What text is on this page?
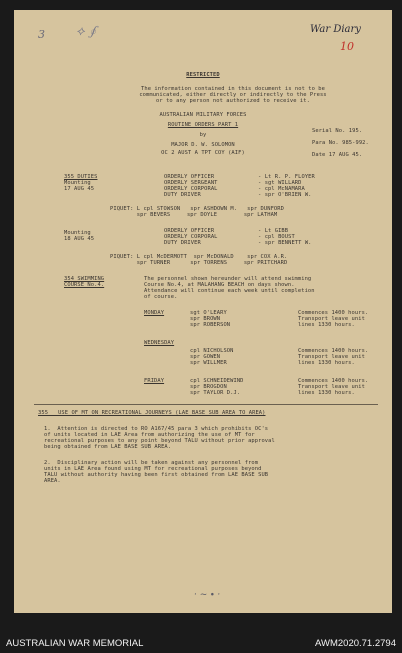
3 ⟡ ∮	War Diary
10
RESTRICTED
The information contained in this document is not to be
communicated, either directly or indirectly to the Press
or to any person not authorized to receive it.
AUSTRALIAN MILITARY FORCES
ROUTINE ORDERS PART 1
by
MAJOR D. W. SOLOMON
OC 2 AUST A TPT COY (AIF)
Serial No. 195.
Para No. 985-992.
Date 17 AUG 45.
355 DUTIES
Mounting
17 AUG 45
ORDERLY OFFICER	- Lt R. P. FLOYER
ORDERLY SERGEANT	- sgt WILLARD
ORDERLY CORPORAL	- cpl McNAMARA
DUTY DRIVER	- spr O'BRIEN W.
PIQUET: L cpl STOWSON   spr ASHDOWN M.   spr DUNFORD
spr BEVERS     spr DOYLE        spr LATHAM
Mounting
18 AUG 45
ORDERLY OFFICER	- Lt GIBB
ORDERLY CORPORAL	- cpl BOUST
DUTY DRIVER	- spr BENNETT W.
PIQUET: L cpl McDERMOTT  spr McDONALD    spr COX A.R.
spr TURNER      spr TORRENS     spr PRITCHARD
354 SWIMMING
COURSE No.4.
The personnel shown hereunder will attend swimming
Course No.4, at MALAHANG BEACH on days shown.
Attendance will continue each week until completion
of course.
MONDAY	sgt O'LEARY
spr BROWN
spr ROBERSON
Commences 1400 hours.
Transport leave unit
lines 1330 hours.
WEDNESDAY
cpl NICHOLSON
spr GOWEN
spr WILLMER
Commences 1400 hours.
Transport leave unit
lines 1330 hours.
FRIDAY	cpl SCHNEIDEWIND
spr BROGDON
spr TAYLOR D.J.
Commences 1400 hours.
Transport leave unit
lines 1330 hours.
355   USE OF MT ON RECREATIONAL JOURNEYS (LAE BASE SUB AREA TO AREA)
1.  Attention is directed to RO A167/45 para 3 which prohibits OC's
of units located in LAE Area from authorizing the use of MT for
recreational purposes to any point beyond TALU without prior approval
being obtained from LAE BASE SUB AREA.
2.  Disciplinary action will be taken against any personnel from
units in LAE Area found using MT for recreational purposes beyond
TALU without authority having been first obtained from LAE BASE SUB
AREA.
· ~ ∙ ·
AUSTRALIAN WAR MEMORIAL	AWM2020.71.2794
